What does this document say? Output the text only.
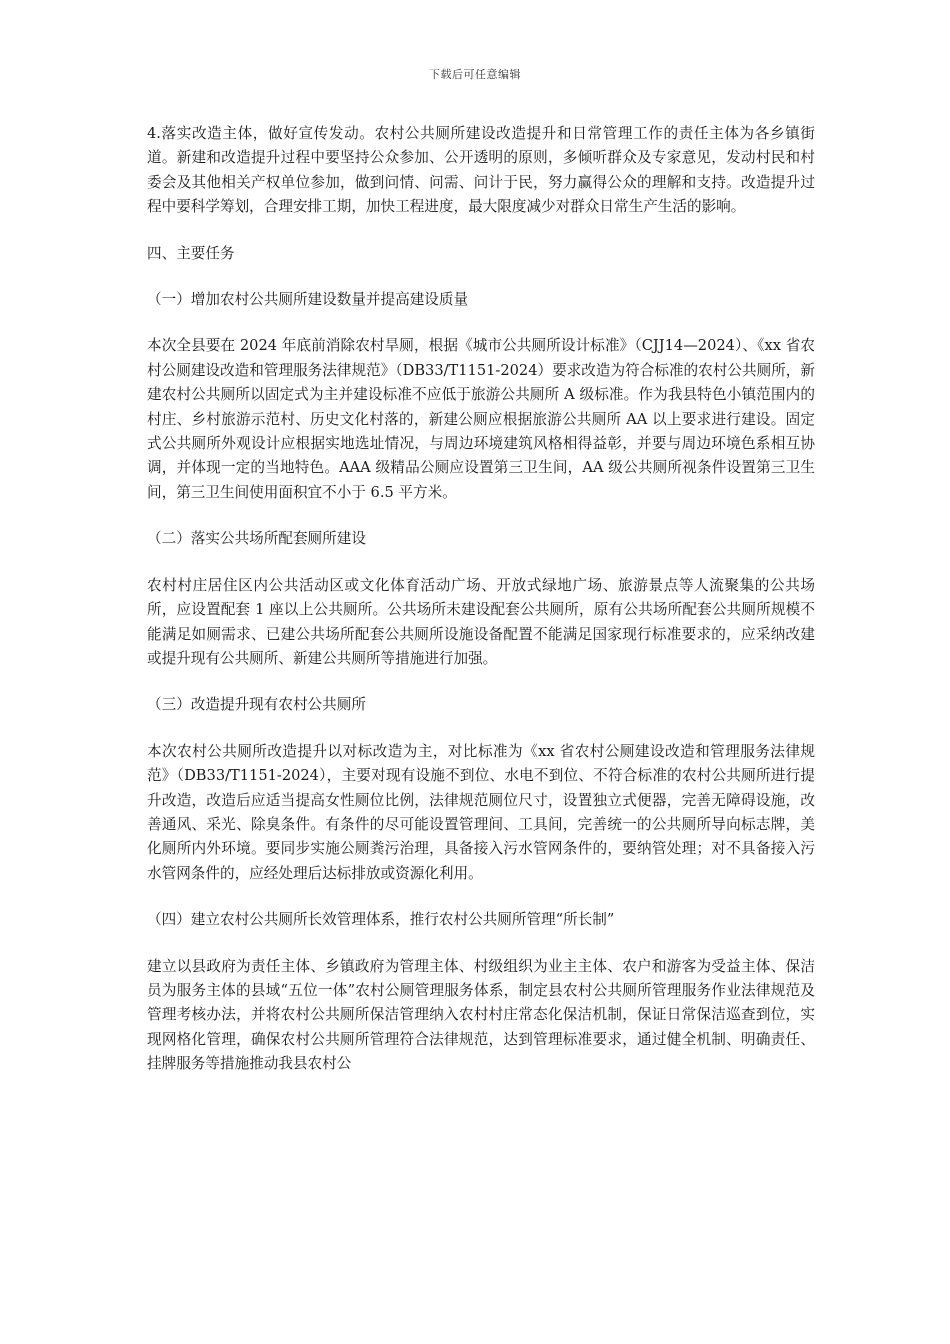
下载后可任意编辑

4.落实改造主体，做好宣传发动。农村公共厕所建设改造提升和日常管理工作的责任主体为各乡镇街道。新建和改造提升过程中要坚持公众参加、公开透明的原则，多倾听群众及专家意见，发动村民和村委会及其他相关产权单位参加，做到问情、问需、问计于民，努力赢得公众的理解和支持。改造提升过程中要科学筹划，合理安排工期，加快工程进度，最大限度减少对群众日常生产生活的影响。

四、主要任务

（一）增加农村公共厕所建设数量并提高建设质量

本次全县要在 2024 年底前消除农村旱厕，根据《城市公共厕所设计标准》（CJJ14—2024）、《xx 省农村公厕建设改造和管理服务法律规范》（DB33/T1151-2024）要求改造为符合标准的农村公共厕所，新建农村公共厕所以固定式为主并建设标准不应低于旅游公共厕所 A 级标准。作为我县特色小镇范围内的村庄、乡村旅游示范村、历史文化村落的，新建公厕应根据旅游公共厕所 AA 以上要求进行建设。固定式公共厕所外观设计应根据实地选址情况，与周边环境建筑风格相得益彰，并要与周边环境色系相互协调，并体现一定的当地特色。AAA 级精品公厕应设置第三卫生间，AA 级公共厕所视条件设置第三卫生间，第三卫生间使用面积宜不小于 6.5 平方米。

（二）落实公共场所配套厕所建设

农村村庄居住区内公共活动区或文化体育活动广场、开放式绿地广场、旅游景点等人流聚集的公共场所，应设置配套 1 座以上公共厕所。公共场所未建设配套公共厕所，原有公共场所配套公共厕所规模不能满足如厕需求、已建公共场所配套公共厕所设施设备配置不能满足国家现行标准要求的，应采纳改建或提升现有公共厕所、新建公共厕所等措施进行加强。

（三）改造提升现有农村公共厕所

本次农村公共厕所改造提升以对标改造为主，对比标准为《xx 省农村公厕建设改造和管理服务法律规范》（DB33/T1151-2024），主要对现有设施不到位、水电不到位、不符合标准的农村公共厕所进行提升改造，改造后应适当提高女性厕位比例，法律规范厕位尺寸，设置独立式便器，完善无障碍设施，改善通风、采光、除臭条件。有条件的尽可能设置管理间、工具间，完善统一的公共厕所导向标志牌，美化厕所内外环境。要同步实施公厕粪污治理，具备接入污水管网条件的，要纳管处理；对不具备接入污水管网条件的，应经处理后达标排放或资源化利用。

（四）建立农村公共厕所长效管理体系，推行农村公共厕所管理“所长制”

建立以县政府为责任主体、乡镇政府为管理主体、村级组织为业主主体、农户和游客为受益主体、保洁员为服务主体的县域“五位一体”农村公厕管理服务体系，制定县农村公共厕所管理服务作业法律规范及管理考核办法，并将农村公共厕所保洁管理纳入农村村庄常态化保洁机制，保证日常保洁巡查到位，实现网格化管理，确保农村公共厕所管理符合法律规范，达到管理标准要求，通过健全机制、明确责任、挂牌服务等措施推动我县农村公
